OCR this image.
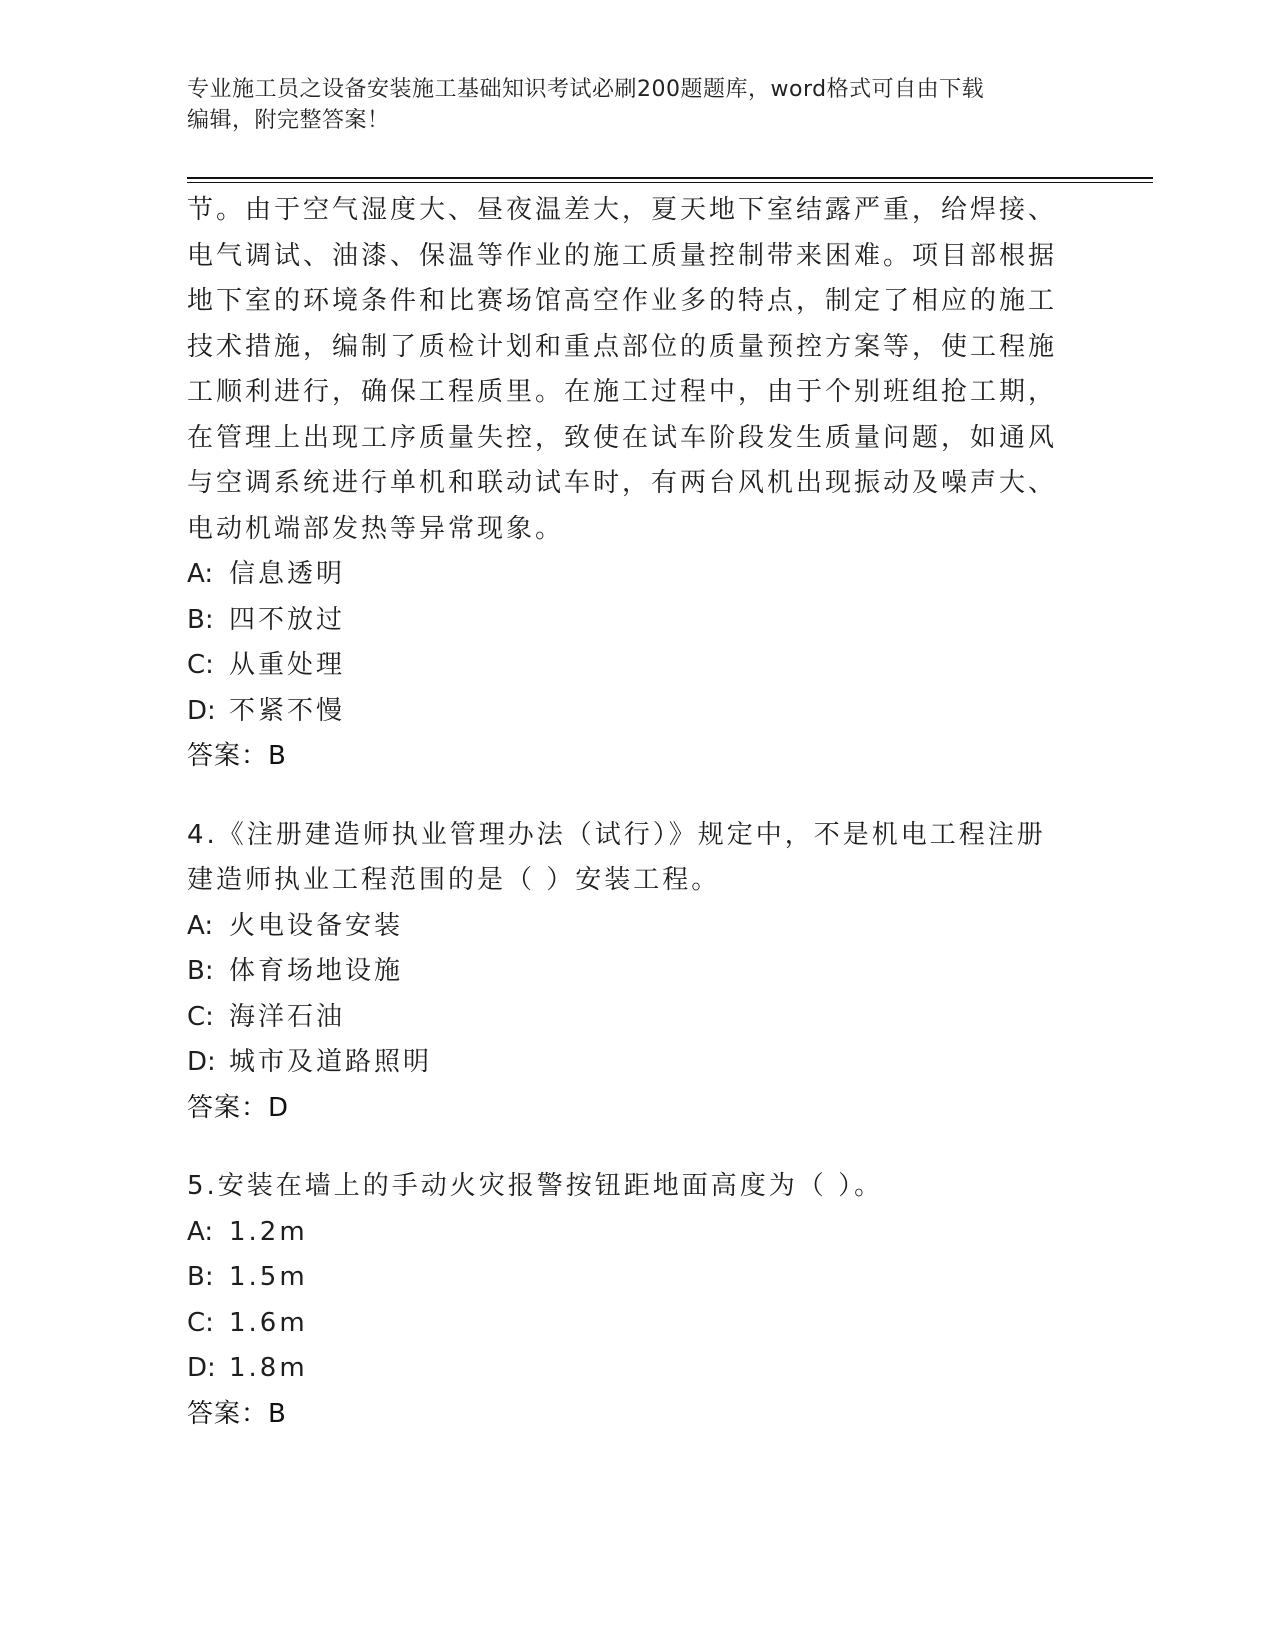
专业施工员之设备安装施工基础知识考试必刷200题题库，word格式可自由下载
编辑，附完整答案！
节。由于空气湿度大、昼夜温差大，夏天地下室结露严重，给焊接、
电气调试、油漆、保温等作业的施工质量控制带来困难。项目部根据
地下室的环境条件和比赛场馆高空作业多的特点，制定了相应的施工
技术措施，编制了质检计划和重点部位的质量预控方案等，使工程施
工顺利进行，确保工程质里。在施工过程中，由于个别班组抢工期，
在管理上出现工序质量失控，致使在试车阶段发生质量问题，如通风
与空调系统进行单机和联动试车时，有两台风机出现振动及噪声大、
电动机端部发热等异常现象。
A: 信息透明
B: 四不放过
C: 从重处理
D: 不紧不慢
答案：B
4.《注册建造师执业管理办法（试行）》规定中，不是机电工程注册
建造师执业工程范围的是（ ）安装工程。
A: 火电设备安装
B: 体育场地设施
C: 海洋石油
D: 城市及道路照明
答案：D
5.安装在墙上的手动火灾报警按钮距地面高度为（ ）。
A: 1.2m
B: 1.5m
C: 1.6m
D: 1.8m
答案：B
